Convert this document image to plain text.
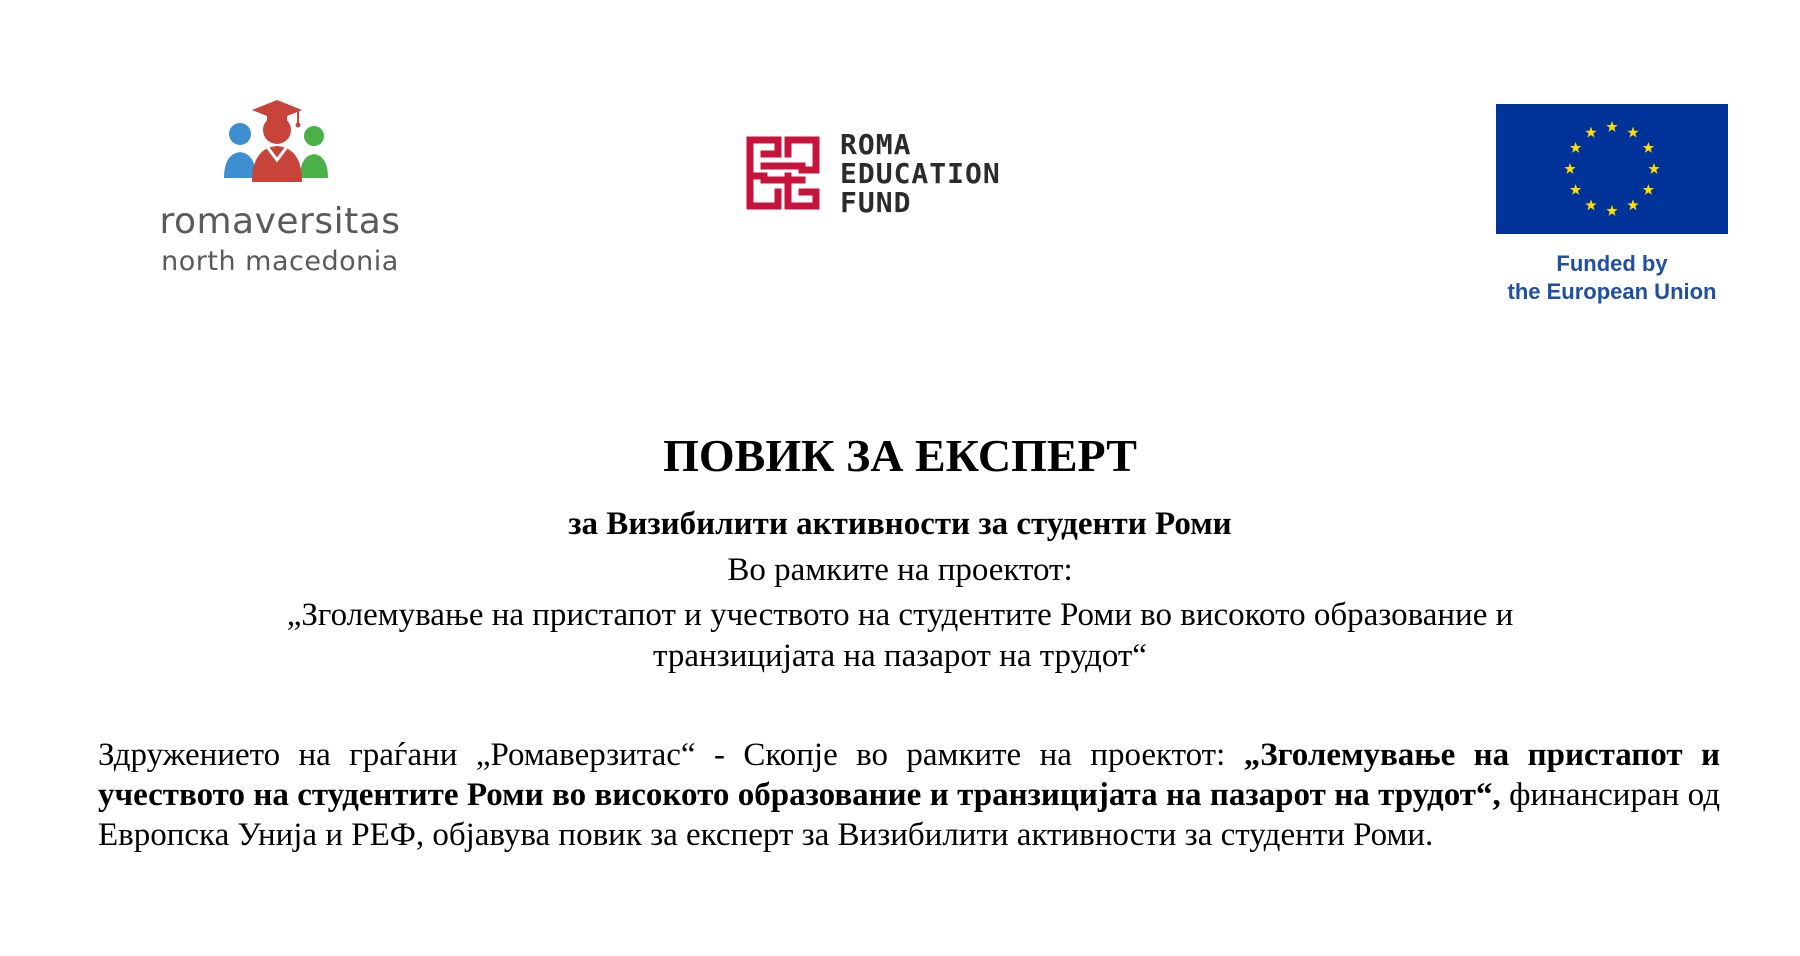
romaversitas
north macedonia
ROMA
EDUCATION
FUND
Funded by
the European Union
ПОВИК ЗА ЕКСПЕРТ

за Визибилити активности за студенти Роми

Во рамките на проектот:

„Зголемување на пристапот и учеството на студентите Роми во високото образование и
транзицијата на пазарот на трудот“

Здружението на граѓани „Ромаверзитас“ - Скопје во рамките на проектот: „Зголемување на пристапот и учеството на студентите Роми во високото образование и транзицијата на пазарот на трудот“, финансиран од Европска Унија и РЕФ, објавува повик за експерт за Визибилити активности за студенти Роми.
